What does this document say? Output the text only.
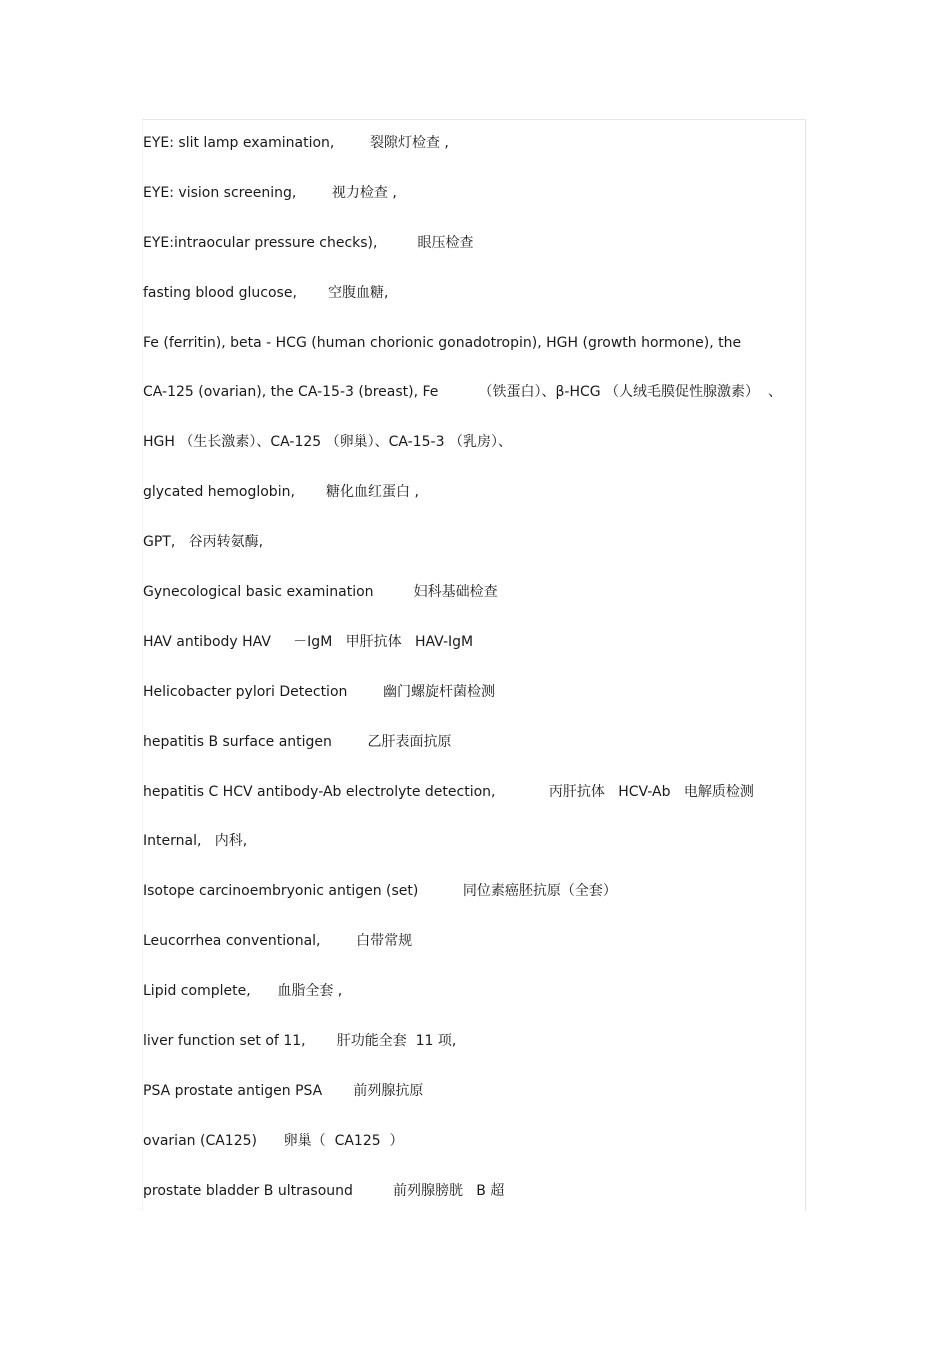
EYE: slit lamp examination,        裂隙灯检查 ,
EYE: vision screening,        视力检查 ,
EYE:intraocular pressure checks),         眼压检查
fasting blood glucose,       空腹血糖,
Fe (ferritin), beta - HCG (human chorionic gonadotropin), HGH (growth hormone), the
CA-125 (ovarian), the CA-15-3 (breast), Fe         （铁蛋白）、β-HCG （人绒毛膜促性腺激素）  、
HGH （生长激素）、CA-125 （卵巢）、CA-15-3 （乳房）、
glycated hemoglobin,       糖化血红蛋白 ,
GPT,   谷丙转氨酶,
Gynecological basic examination         妇科基础检查
HAV antibody HAV     －IgM   甲肝抗体   HAV-IgM
Helicobacter pylori Detection        幽门螺旋杆菌检测
hepatitis B surface antigen        乙肝表面抗原
hepatitis C HCV antibody-Ab electrolyte detection,            丙肝抗体   HCV-Ab   电解质检测
Internal,   内科,
Isotope carcinoembryonic antigen (set)          同位素癌胚抗原（全套）
Leucorrhea conventional,        白带常规
Lipid complete,      血脂全套 ,
liver function set of 11,       肝功能全套  11 项,
PSA prostate antigen PSA       前列腺抗原
ovarian (CA125)      卵巢（  CA125  ）
prostate bladder B ultrasound         前列腺膀胱   B 超
